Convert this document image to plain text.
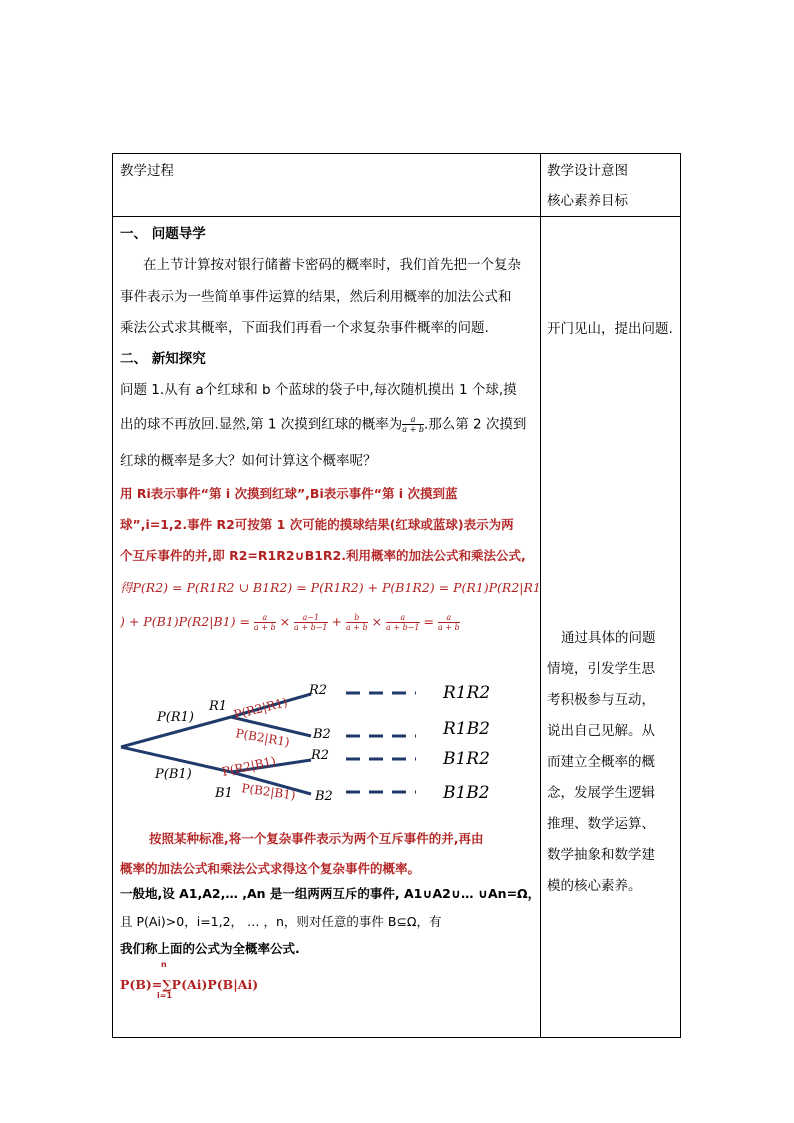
教学过程	教学设计意图
核心素养目标
一、 问题导学
在上节计算按对银行储蓄卡密码的概率时，我们首先把一个复杂
事件表示为一些简单事件运算的结果，然后利用概率的加法公式和
乘法公式求其概率，下面我们再看一个求复杂事件概率的问题.
二、 新知探究
问题 1.从有 a个红球和 b 个蓝球的袋子中,每次随机摸出 1 个球,摸
出的球不再放回.显然,第 1 次摸到红球的概率为 $\frac{a}{a + b}$ .那么第 2 次摸到
红球的概率是多大？如何计算这个概率呢？
用 Ri表示事件“第 i 次摸到红球”,Bi表示事件“第 i 次摸到蓝
球”,i=1,2.事件 R2可按第 1 次可能的摸球结果(红球或蓝球)表示为两
个互斥事件的并,即 R2=R1R2∪B1R2.利用概率的加法公式和乘法公式,
得P(R2) = P(R1R2 ∪ B1R2) = P(R1R2) + P(B1R2) = P(R1)P(R2|R1
) + $P(B1)P(R2|B1) = \frac{a}{a + b} \times \frac{a-1}{a + b-1} + \frac{b}{a + b} \times \frac{a}{a + b-1} = \frac{a}{a + b}$
P(R1)
P(B1)
R1
B1
R2
B2
R2
B2
R1R2
R1B2
B1R2
B1B2
P(R2|R1)
P(B2|R1)
P(R2|B1)
P(B2|B1)
按照某种标准,将一个复杂事件表示为两个互斥事件的并,再由
概率的加法公式和乘法公式求得这个复杂事件的概率。
一般地,设 A1,A2,… ,An 是一组两两互斥的事件, A1∪A2∪… ∪An=Ω，
且 P(Ai)>0，i=1,2， … ，n，则对任意的事件 B⊆Ω，有
我们称上面的公式为全概率公式.
n
P(B)=∑P(Ai)P(B|Ai)
i=1
开门见山，提出问题.
通过具体的问题
情境，引发学生思
考积极参与互动，
说出自己见解。从
而建立全概率的概
念，发展学生逻辑
推理、数学运算、
数学抽象和数学建
模的核心素养。
